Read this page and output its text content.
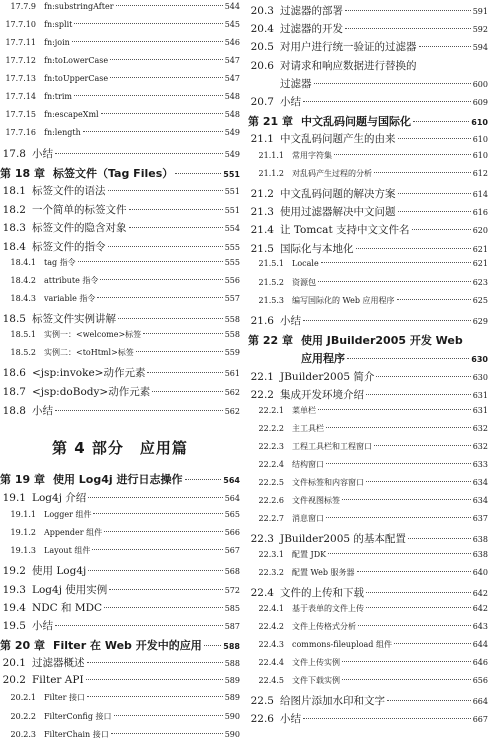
17.7.9 fn:substringAfter	544
17.7.10 fn:split	545
17.7.11 fn:join	546
17.7.12 fn:toLowerCase	547
17.7.13 fn:toUpperCase	547
17.7.14 fn:trim	548
17.7.15 fn:escapeXml	548
17.7.16 fn:length	549
17.8 小结	549
第 18 章 标签文件（Tag Files）	551
18.1 标签文件的语法	551
18.2 一个简单的标签文件	551
18.3 标签文件的隐含对象	554
18.4 标签文件的指令	555
18.4.1 tag 指令	555
18.4.2 attribute 指令	556
18.4.3 variable 指令	557
18.5 标签文件实例讲解	558
18.5.1 实例一：<welcome>标签	558
18.5.2 实例二：<toHtml>标签	559
18.6 <jsp:invoke>动作元素	561
18.7 <jsp:doBody>动作元素	562
18.8 小结	562
第 4 部分　应用篇
第 19 章 使用 Log4j 进行日志操作	564
19.1 Log4j 介绍	564
19.1.1 Logger 组件	565
19.1.2 Appender 组件	566
19.1.3 Layout 组件	567
19.2 使用 Log4j	568
19.3 Log4j 使用实例	572
19.4 NDC 和 MDC	585
19.5 小结	587
第 20 章 Filter 在 Web 开发中的应用	588
20.1 过滤器概述	588
20.2 Filter API	589
20.2.1 Filter 接口	589
20.2.2 FilterConfig 接口	590
20.2.3 FilterChain 接口	590
20.3 过滤器的部署	591
20.4 过滤器的开发	592
20.5 对用户进行统一验证的过滤器	594
20.6 对请求和响应数据进行替换的
过滤器	600
20.7 小结	609
第 21 章 中文乱码问题与国际化	610
21.1 中文乱码问题产生的由来	610
21.1.1 常用字符集	610
21.1.2 对乱码产生过程的分析	612
21.2 中文乱码问题的解决方案	614
21.3 使用过滤器解决中文问题	616
21.4 让 Tomcat 支持中文文件名	620
21.5 国际化与本地化	621
21.5.1 Locale	621
21.5.2 资源包	623
21.5.3 编写国际化的 Web 应用程序	625
21.6 小结	629
第 22 章 使用 JBuilder2005 开发 Web
应用程序	630
22.1 JBuilder2005 简介	630
22.2 集成开发环境介绍	631
22.2.1 菜单栏	631
22.2.2 主工具栏	632
22.2.3 工程工具栏和工程窗口	632
22.2.4 结构窗口	633
22.2.5 文件标签和内容窗口	634
22.2.6 文件视图标签	634
22.2.7 消息窗口	637
22.3 JBuilder2005 的基本配置	638
22.3.1 配置 JDK	638
22.3.2 配置 Web 服务器	640
22.4 文件的上传和下载	642
22.4.1 基于表单的文件上传	642
22.4.2 文件上传格式分析	643
22.4.3 commons-fileupload 组件	644
22.4.4 文件上传实例	646
22.4.5 文件下载实例	656
22.5 给图片添加水印和文字	664
22.6 小结	667
